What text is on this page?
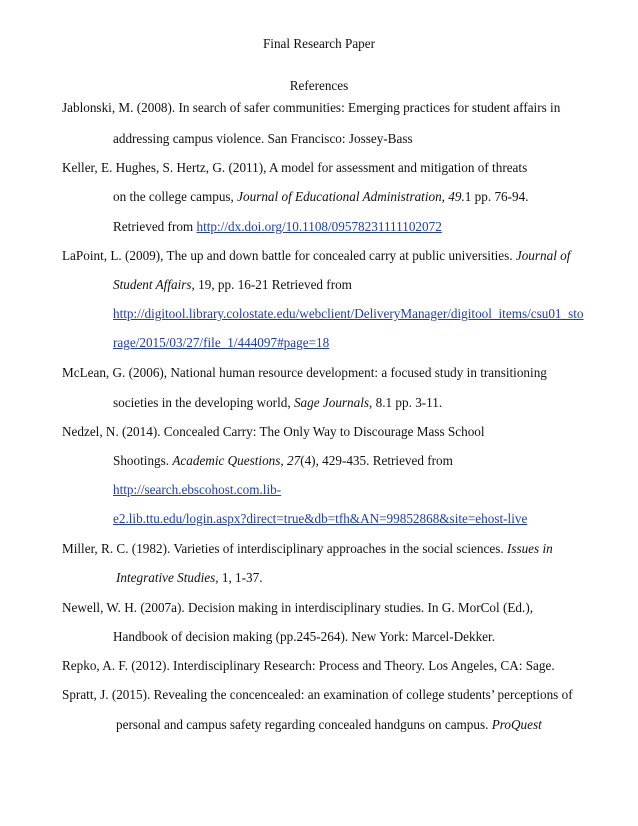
Final Research Paper
References
Jablonski, M. (2008). In search of safer communities: Emerging practices for student affairs in
addressing campus violence. San Francisco: Jossey-Bass
Keller, E. Hughes, S. Hertz, G. (2011), A model for assessment and mitigation of threats
on the college campus, Journal of Educational Administration, 49.1 pp. 76-94.
Retrieved from http://dx.doi.org/10.1108/09578231111102072
LaPoint, L. (2009), The up and down battle for concealed carry at public universities. Journal of
Student Affairs, 19, pp. 16-21 Retrieved from
http://digitool.library.colostate.edu/webclient/DeliveryManager/digitool_items/csu01_sto
rage/2015/03/27/file_1/444097#page=18
McLean, G. (2006), National human resource development: a focused study in transitioning
societies in the developing world, Sage Journals, 8.1 pp. 3-11.
Nedzel, N. (2014). Concealed Carry: The Only Way to Discourage Mass School
Shootings. Academic Questions, 27(4), 429-435. Retrieved from
http://search.ebscohost.com.lib-
e2.lib.ttu.edu/login.aspx?direct=true&db=tfh&AN=99852868&site=ehost-live
Miller, R. C. (1982). Varieties of interdisciplinary approaches in the social sciences. Issues in
Integrative Studies, 1, 1-37.
Newell, W. H. (2007a). Decision making in interdisciplinary studies. In G. MorCol (Ed.),
Handbook of decision making (pp.245-264). New York: Marcel-Dekker.
Repko, A. F. (2012). Interdisciplinary Research: Process and Theory. Los Angeles, CA: Sage.
Spratt, J. (2015). Revealing the concencealed: an examination of college students’ perceptions of
personal and campus safety regarding concealed handguns on campus. ProQuest
